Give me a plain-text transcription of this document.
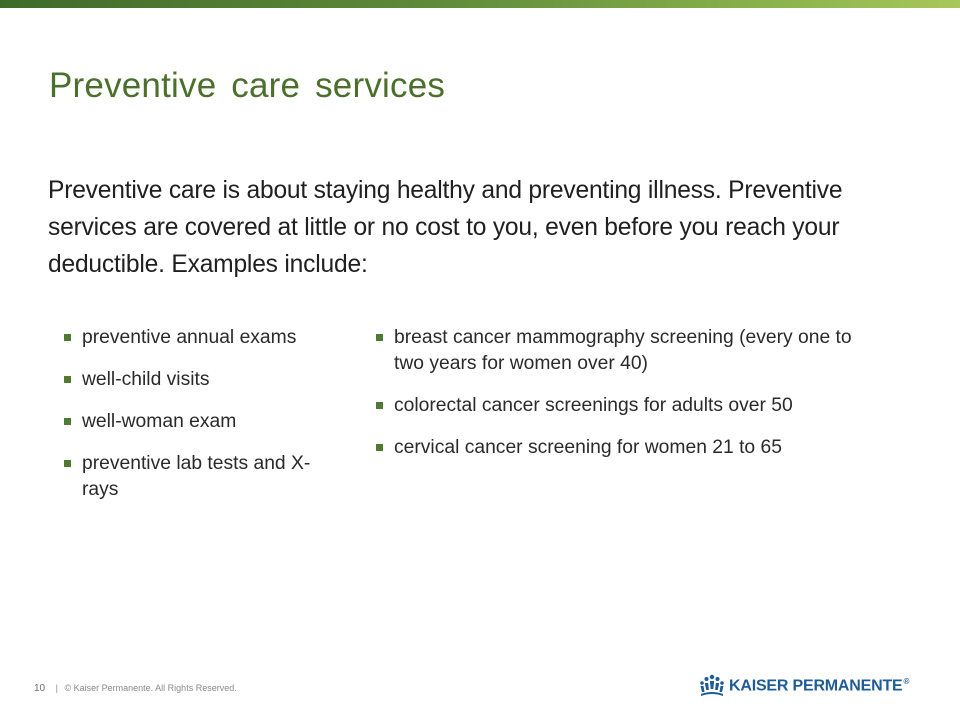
Preventive care services

Preventive care is about staying healthy and preventing illness. Preventive services are covered at little or no cost to you, even before you reach your deductible. Examples include:

preventive annual exams
well-child visits
well-woman exam
preventive lab tests and X-rays
breast cancer mammography screening (every one to two years for women over 40)
colorectal cancer screenings for adults over 50
cervical cancer screening for women 21 to 65
10 | © Kaiser Permanente. All Rights Reserved.	KAISER PERMANENTE®
